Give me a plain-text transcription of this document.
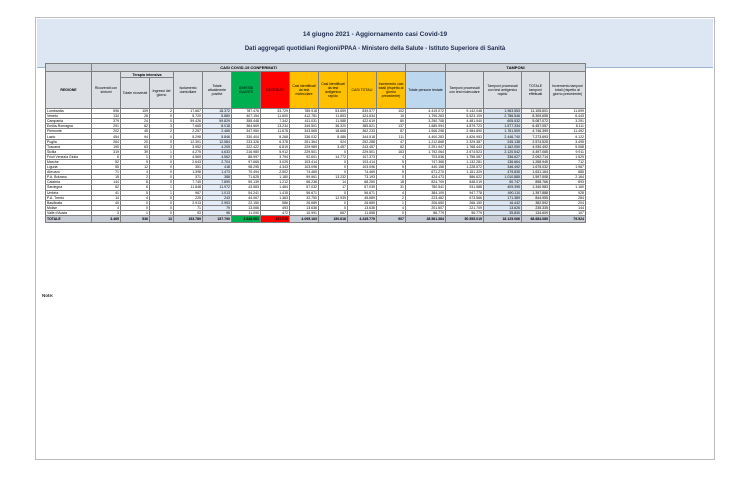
14 giugno 2021 - Aggiornamento casi Covid-19
Dati aggregati quotidiani Regioni/PPAA - Ministero della Salute - Istituto Superiore di Sanità
	CASI COVID-19 CONFERMATI												TAMPONI			
REGIONE	Ricoverati con sintomi	Terapia intensiva		Isolamento domiciliare	Totale attualmente positivi	DIMESSI GUARITI	DECEDUTI	Casi identificati da test molecolare	Casi identificati da test antigenico rapido	CASI TOTALI	Incremento casi totali (rispetto al giorno precedente)	Totale persone testate	Tamponi processati con test molecolare	Tamponi processati con test antigenico rapido	TOTALE tamponi effettuati	Incremento tamponi totali (rispetto al giorno precedente)
		Totale ricoverati	Ingressi del giorno													
Lombardia	596	109	2	17.667	18.372	787.476	33.729	785.918	53.659	839.577	102	4.419.072	9.142.048	1.963.553	11.105.601	11.699
Veneto	134	26	0	5.720	5.880	407.154	11.600	412.781	11.853	424.634	19	1.790.263	5.523.109	2.786.546	8.309.655	6.443
Campania	379	24	0	59.426	59.829	355.448	7.342	411.031	11.588	422.619	80	3.250.708	4.481.540	605.532	5.087.072	3.291
Emilia-Romagna	291	62	3	7.665	8.018	364.569	13.234	349.501	36.320	385.821	137	1.685.994	4.879.723	1.577.334	6.457.057	8.111
Piemonte	202	45	2	2.257	2.465	347.950	11.678	343.565	18.668	362.233	87	1.906.298	2.984.890	1.761.509	4.746.399	11.492
Lazio	454	94	0	5.298	5.846	330.404	8.268	336.032	8.486	344.518	111	4.400.283	4.826.953	2.446.740	7.273.693	9.122
Puglia	264	20	0	12.301	12.584	233.326	6.378	251.364	924	252.288	47	1.212.868	2.329.387	245.138	2.574.525	3.495
Toscana	190	63	3	3.952	4.205	222.422	6.819	229.989	3.457	243.457	82	2.291.947	1.768.443	1.162.050	4.930.492	5.068
Sicilia	319	39	1	4.275	4.633	216.980	5.912	229.501	0	229.501	163	1.792.064	2.674.523	2.120.542	4.497.065	9.911
Friuli Venezia Giulia	6	1	0	4.569	4.562	88.997	3.794	92.601	14.772	107.373	4	703.636	1.756.087	336.627	2.092.714	1.529
Marche	52	9	0	2.643	2.704	97.665	3.025	103.414	0	103.414	5	747.368	1.132.281	136.664	1.268.945	712
Liguria	55	12	0	351	418	98.295	4.343	103.096	0	103.096	5	440.158	1.228.572	346.492	1.675.032	1.967
Abruzzo	71	4	0	1.398	1.473	70.494	2.502	74.469	0	74.469	5	671.270	1.151.329	479.835	1.631.164	885
P.A. Bolzano	15	2	0	371	388	71.625	1.180	59.961	13.232	73.193	0	424.473	586.622	1.010.885	1.597.508	2.164
Calabria	144	8	0	7.745	7.899	59.139	1.212	68.236	14	68.250	18	824.709	848.019	50.747	898.766	893
Sardegna	62	6	1	11.848	11.972	43.583	1.484	57.032	17	57.039	31	780.541	931.588	409.395	1.340.983	1.160
Umbria	41	5	1	967	1.013	54.241	1.415	56.671	0	56.671	4	384.109	947.778	490.110	1.397.888	928
P.A. Trento	14	4	0	225	243	44.067	1.363	32.750	12.939	45.689	2	223.482	673.566	171.389	844.955	284
Basilicata	40	0	0	2.913	2.953	22.150	586	26.689	0	26.689	1	206.650	266.150	16.442	382.592	204
Molise	4	0	0	71	79	13.066	493	13.636	0	13.636	4	201.507	221.709	13.626	235.335	144
Valle d'Aosta	3	1	0	93	96	11.090	472	10.991	667	11.658	0	86.779	96.779	35.830	134.609	107
TOTALE	3.465	536	13	153.789	157.790	3.848.901	127.038	4.095.163	150.616	4.245.779	907	28.561.384	50.555.019	18.125.066	68.684.085	79.524
Note:
